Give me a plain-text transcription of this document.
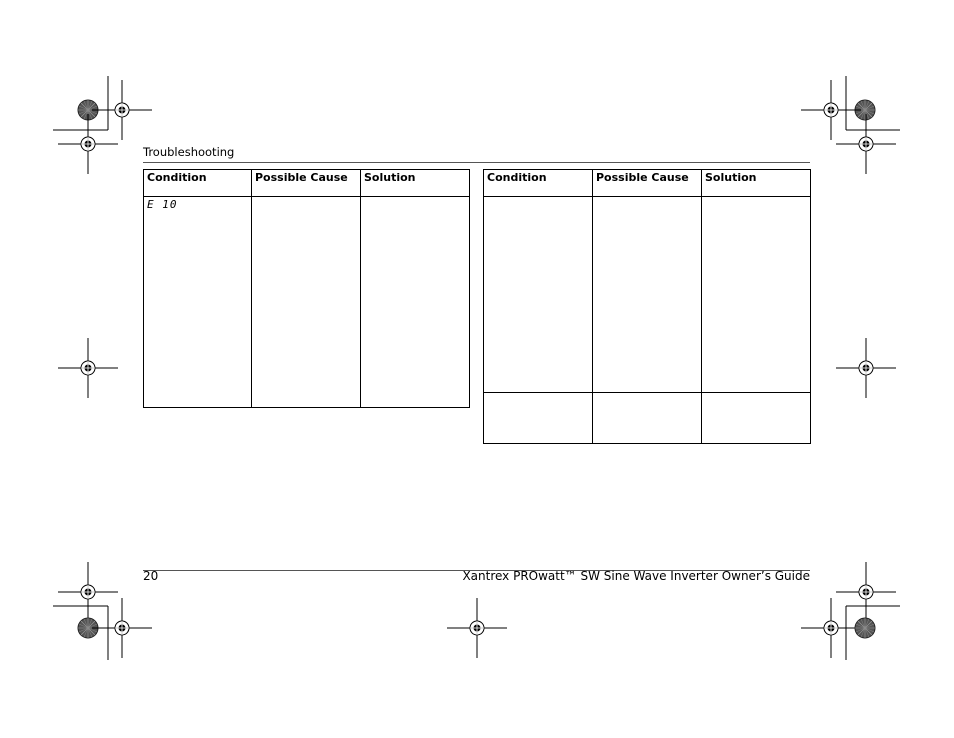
Troubleshooting
Condition	Possible Cause	Solution

E 10		

Condition	Possible Cause	Solution

20	Xantrex PROwatt™ SW Sine Wave Inverter Owner’s Guide
